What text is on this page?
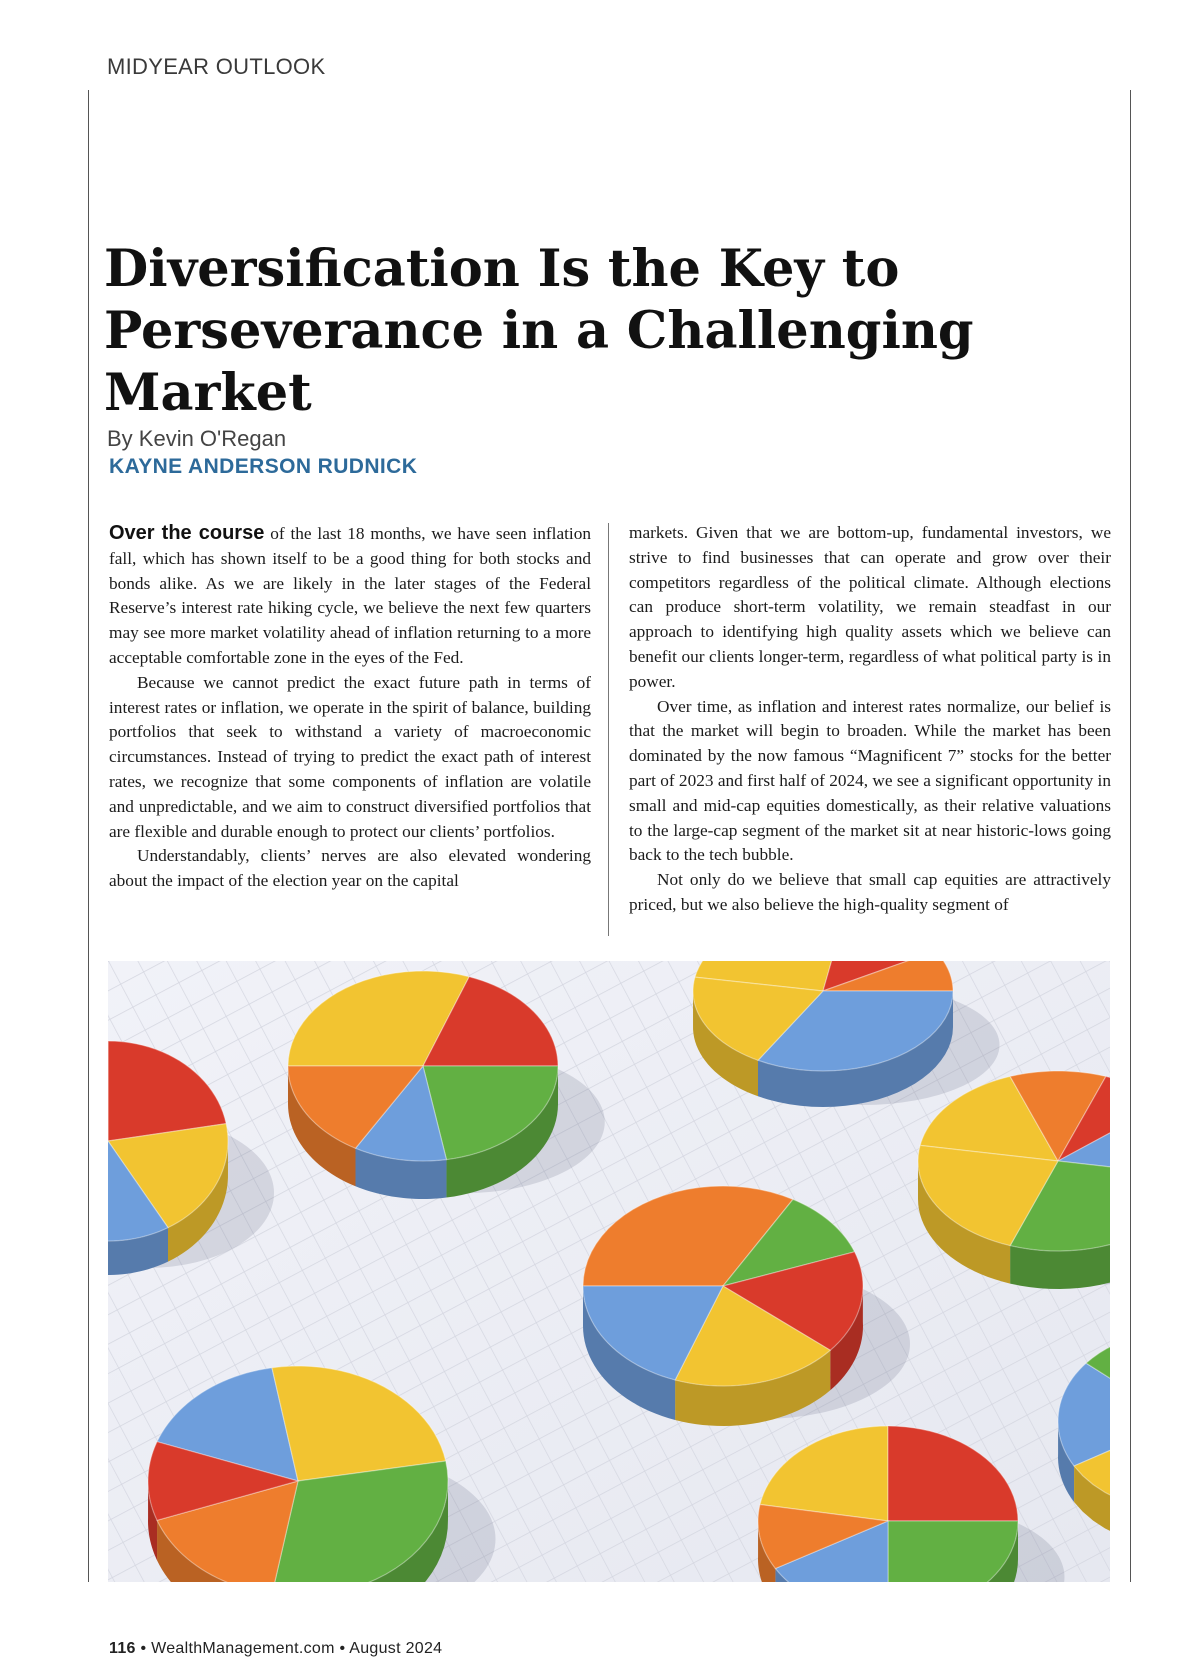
MIDYEAR OUTLOOK
Diversification Is the Key to
Perseverance in a Challenging Market
By Kevin O'Regan
KAYNE ANDERSON RUDNICK

Over the course of the last 18 months, we have seen inflation fall, which has shown itself to be a good thing for both stocks and bonds alike. As we are likely in the later stages of the Federal Reserve’s interest rate hiking cycle, we believe the next few quarters may see more market volatility ahead of inflation returning to a more acceptable comfortable zone in the eyes of the Fed.

Because we cannot predict the exact future path in terms of interest rates or inflation, we operate in the spirit of balance, building portfolios that seek to withstand a variety of macroeconomic circumstances. Instead of trying to predict the exact path of interest rates, we recognize that some components of inflation are volatile and unpredictable, and we aim to construct diversified portfolios that are flexible and durable enough to protect our clients’ portfolios.

Understandably, clients’ nerves are also elevated wondering about the impact of the election year on the capital

markets. Given that we are bottom-up, fundamental investors, we strive to find businesses that can operate and grow over their competitors regardless of the political climate. Although elections can produce short-term volatility, we remain steadfast in our approach to identifying high quality assets which we believe can benefit our clients longer-term, regardless of what political party is in power.

Over time, as inflation and interest rates normalize, our belief is that the market will begin to broaden. While the market has been dominated by the now famous “Magnificent 7” stocks for the better part of 2023 and first half of 2024, we see a significant opportunity in small and mid-cap equities domestically, as their relative valuations to the large-cap segment of the market sit at near historic-lows going back to the tech bubble.

Not only do we believe that small cap equities are attractively priced, but we also believe the high-quality segment of

116 • WealthManagement.com • August 2024
